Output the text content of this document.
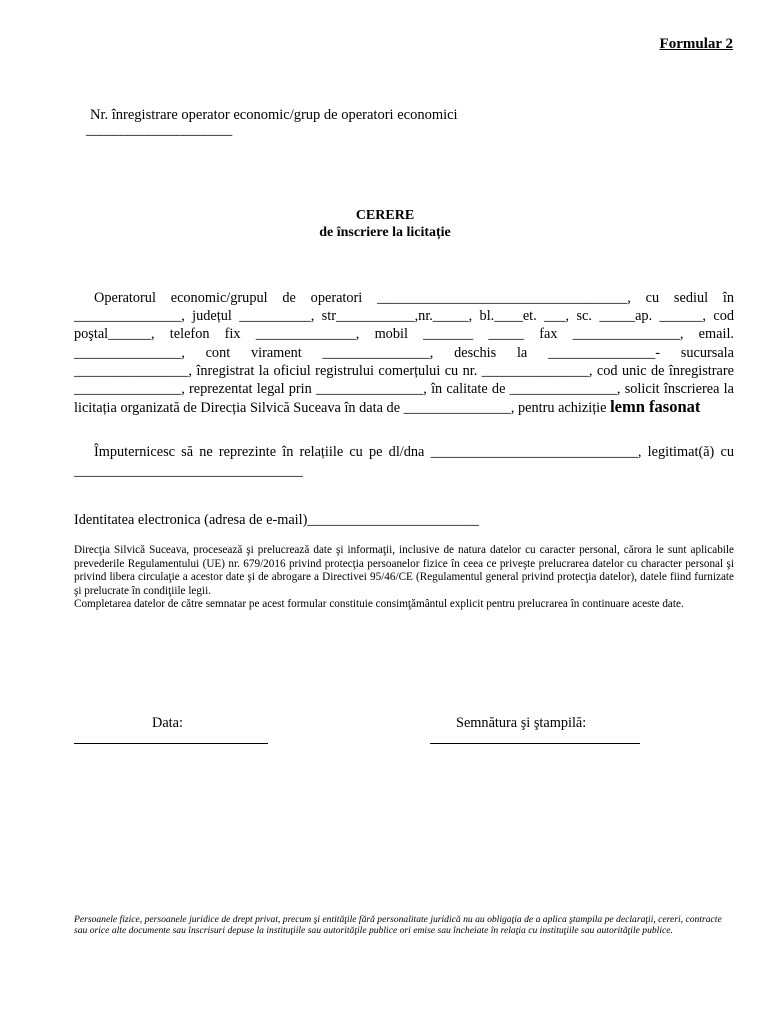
Formular 2
Nr. înregistrare operator economic/grup de operatori economici
_____________________
CERERE
de înscriere la licitație
Operatorul economic/grupul de operatori ___________________________________, cu sediul în _______________, județul __________, str___________,nr._____, bl.____et. ___, sc. _____ap. ______, cod poştal______, telefon fix ______________, mobil _______ _____ fax _______________, email. _______________, cont virament _______________, deschis la _______________- sucursala ________________, înregistrat la oficiul registrului comerțului cu nr. _______________, cod unic de înregistrare _______________, reprezentat legal prin _______________, în calitate de _______________, solicit înscrierea la licitația organizată de Direcția Silvică Suceava în data de _______________, pentru achiziție lemn fasonat
Împuternicesc să ne reprezinte în relațiile cu pe dl/dna _____________________________, legitimat(ă) cu ________________________________
Identitatea electronica (adresa de e-mail)________________________

Direcţia Silvică Suceava, procesează şi prelucrează date şi informaţii, inclusive de natura datelor cu caracter personal, cărora le sunt aplicabile prevederile Regulamentului (UE) nr. 679/2016 privind protecţia persoanelor fizice în ceea ce priveşte prelucrarea datelor cu character personal şi privind libera circulaţie a acestor date şi de abrogare a Directivei 95/46/CE (Regulamentul general privind protecţia datelor), datele fiind furnizate şi prelucrate în condiţiile legii.

Completarea datelor de către semnatar pe acest formular constituie consimţământul explicit pentru prelucrarea în continuare aceste date.

Data:	Semnătura şi ştampilă:
Persoanele fizice, persoanele juridice de drept privat, precum şi entităţile fără personalitate juridică nu au obligaţia de a aplica ştampila pe declaraţii, cereri, contracte sau orice alte documente sau înscrisuri depuse la instituţiile sau autorităţile publice ori emise sau încheiate în relaţia cu instituţiile sau autorităţile publice.
